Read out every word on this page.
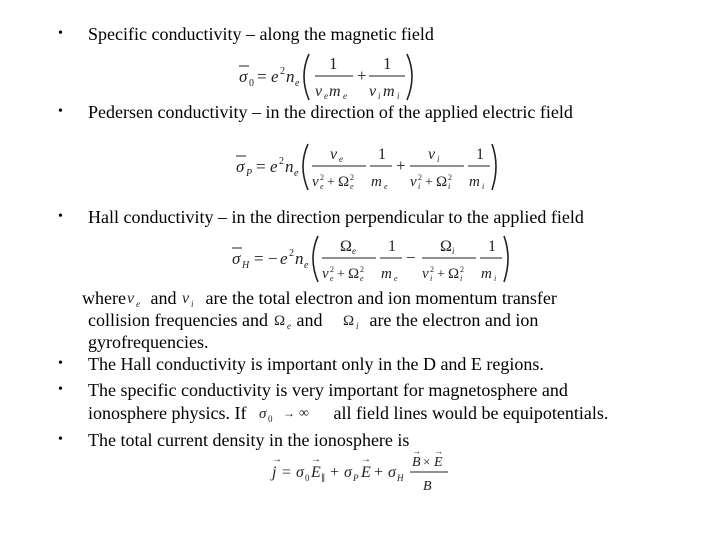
• Specific conductivity – along the magnetic field
σ 0 = e 2 n e
1
ν e m e
+
1
ν i m i
• Pedersen conductivity – in the direction of the applied electric field
σ P = e 2 n e
ν e
ν 2
e + Ω 2
e
1
m e
+
ν i
ν 2
i + Ω 2
i
1
m i
• Hall conductivity – in the direction perpendicular to the applied field
σ H = − e 2 n e
Ω e
ν 2
e + Ω 2
e
1
m e
−
Ω i
ν 2
i + Ω 2
i
1
m i
where ν e and ν i are the total electron and ion momentum transfer
collision frequencies and Ω e and Ω i are the electron and ion
gyrofrequencies.
• The Hall conductivity is important only in the D and E regions.
• The specific conductivity is very important for magnetosphere and
ionosphere physics. If σ 0 → ∞ all field lines would be equipotentials.
• The total current density in the ionosphere is
j
→
= σ 0 E
→
∥ + σ P E
→
+ σ H
B
→
× E
→
B
